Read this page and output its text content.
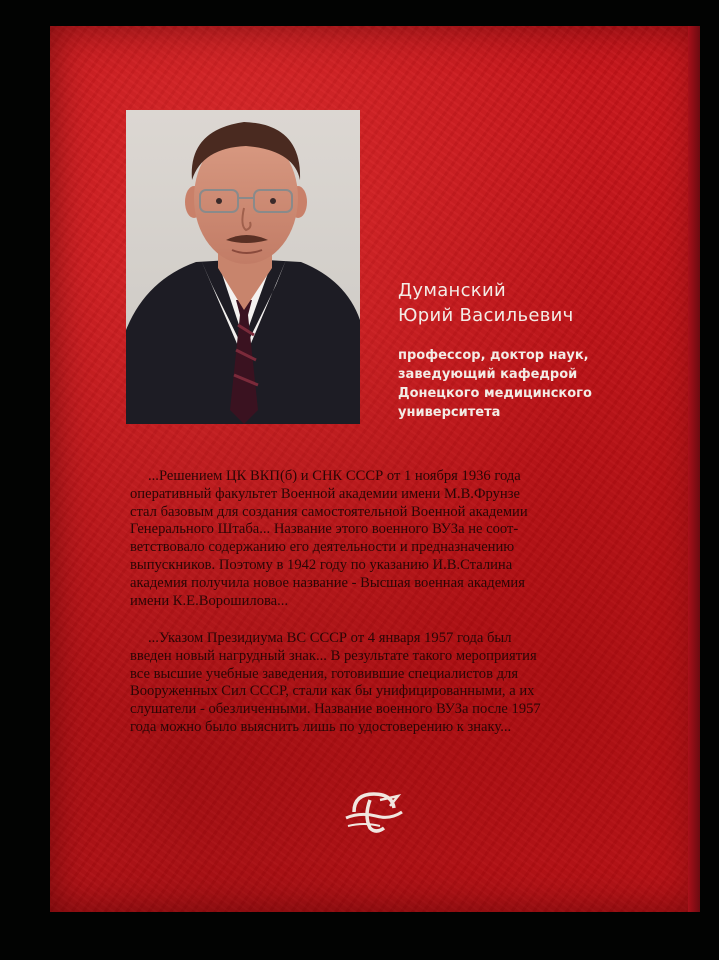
Думанский
Юрий Васильевич
профессор, доктор наук,
заведующий кафедрой
Донецкого медицинского
университета
...Решением ЦК ВКП(б) и СНК СССР от 1 ноября 1936 года
оперативный факультет Военной академии имени М.В.Фрунзе
стал базовым для создания самостоятельной Военной академии
Генерального Штаба... Название этого военного ВУЗа не соот-
ветствовало содержанию его деятельности и предназначению
выпускников. Поэтому в 1942 году по указанию И.В.Сталина
академия получила новое название - Высшая военная академия
имени К.Е.Ворошилова...
...Указом Президиума ВС СССР от 4 января 1957 года был
введен новый нагрудный знак... В результате такого мероприятия
все высшие учебные заведения, готовившие специалистов для
Вооруженных Сил СССР, стали как бы унифицированными, а их
слушатели - обезличенными. Название военного ВУЗа после 1957
года можно было выяснить лишь по удостоверению к знаку...
